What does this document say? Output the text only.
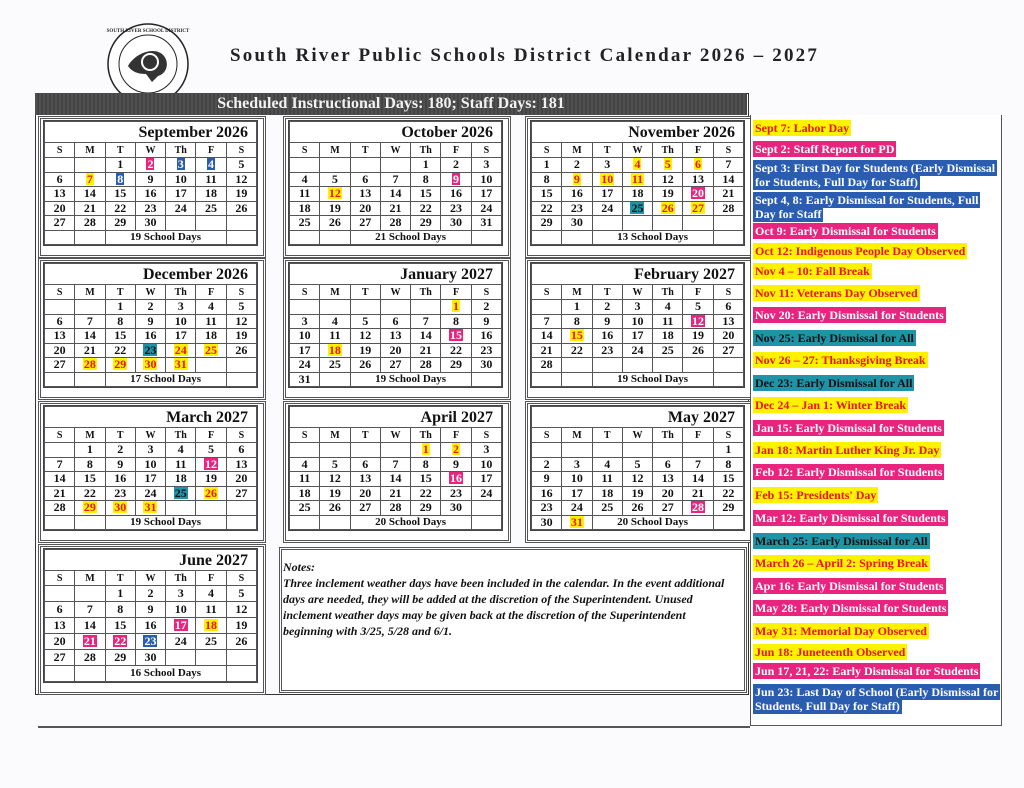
SOUTH RIVER SCHOOL DISTRICT
South River Public Schools District Calendar 2026 – 2027
Scheduled Instructional Days: 180; Staff Days: 181
September 2026						
S	M	T	W	Th	F	S
		1	2	3	4	5
6	7	8	9	10	11	12
13	14	15	16	17	18	19
20	21	22	23	24	25	26
27	28	29	30			
		19 School Days				
October 2026						
S	M	T	W	Th	F	S
				1	2	3
4	5	6	7	8	9	10
11	12	13	14	15	16	17
18	19	20	21	22	23	24
25	26	27	28	29	30	31
		21 School Days				
November 2026						
S	M	T	W	Th	F	S
1	2	3	4	5	6	7
8	9	10	11	12	13	14
15	16	17	18	19	20	21
22	23	24	25	26	27	28
29	30					
		13 School Days				
December 2026						
S	M	T	W	Th	F	S
		1	2	3	4	5
6	7	8	9	10	11	12
13	14	15	16	17	18	19
20	21	22	23	24	25	26
27	28	29	30	31		
		17 School Days				
January 2027						
S	M	T	W	Th	F	S
					1	2
3	4	5	6	7	8	9
10	11	12	13	14	15	16
17	18	19	20	21	22	23
24	25	26	27	28	29	30
31		19 School Days				
February 2027						
S	M	T	W	Th	F	S
	1	2	3	4	5	6
7	8	9	10	11	12	13
14	15	16	17	18	19	20
21	22	23	24	25	26	27
28						
		19 School Days				
March 2027						
S	M	T	W	Th	F	S
	1	2	3	4	5	6
7	8	9	10	11	12	13
14	15	16	17	18	19	20
21	22	23	24	25	26	27
28	29	30	31			
		19 School Days				
April 2027						
S	M	T	W	Th	F	S
				1	2	3
4	5	6	7	8	9	10
11	12	13	14	15	16	17
18	19	20	21	22	23	24
25	26	27	28	29	30	
		20 School Days				
May 2027						
S	M	T	W	Th	F	S
						1
2	3	4	5	6	7	8
9	10	11	12	13	14	15
16	17	18	19	20	21	22
23	24	25	26	27	28	29
30	31	20 School Days				
June 2027						
S	M	T	W	Th	F	S
		1	2	3	4	5
6	7	8	9	10	11	12
13	14	15	16	17	18	19
20	21	22	23	24	25	26
27	28	29	30			
		16 School Days				
Notes:
Three inclement weather days have been included in the calendar. In the event additional days are needed, they will be added at the discretion of the Superintendent. Unused inclement weather days may be given back at the discretion of the Superintendent beginning with 3/25, 5/28 and 6/1.
Sept 7: Labor Day
Sept 2: Staff Report for PD
Sept 3: First Day for Students (Early Dismissal for Students, Full Day for Staff)
Sept 4, 8: Early Dismissal for Students, Full Day for Staff
Oct 9: Early Dismissal for Students
Oct 12: Indigenous People Day Observed
Nov 4 – 10: Fall Break
Nov 11: Veterans Day Observed
Nov 20: Early Dismissal for Students
Nov 25: Early Dismissal for All
Nov 26 – 27: Thanksgiving Break
Dec 23: Early Dismissal for All
Dec 24 – Jan 1: Winter Break
Jan 15: Early Dismissal for Students
Jan 18: Martin Luther King Jr. Day
Feb 12: Early Dismissal for Students
Feb 15: Presidents' Day
Mar 12: Early Dismissal for Students
March 25: Early Dismissal for All
March 26 – April 2: Spring Break
Apr 16: Early Dismissal for Students
May 28: Early Dismissal for Students
May 31: Memorial Day Observed
Jun 18: Juneteenth Observed
Jun 17, 21, 22: Early Dismissal for Students
Jun 23: Last Day of School (Early Dismissal for Students, Full Day for Staff)
